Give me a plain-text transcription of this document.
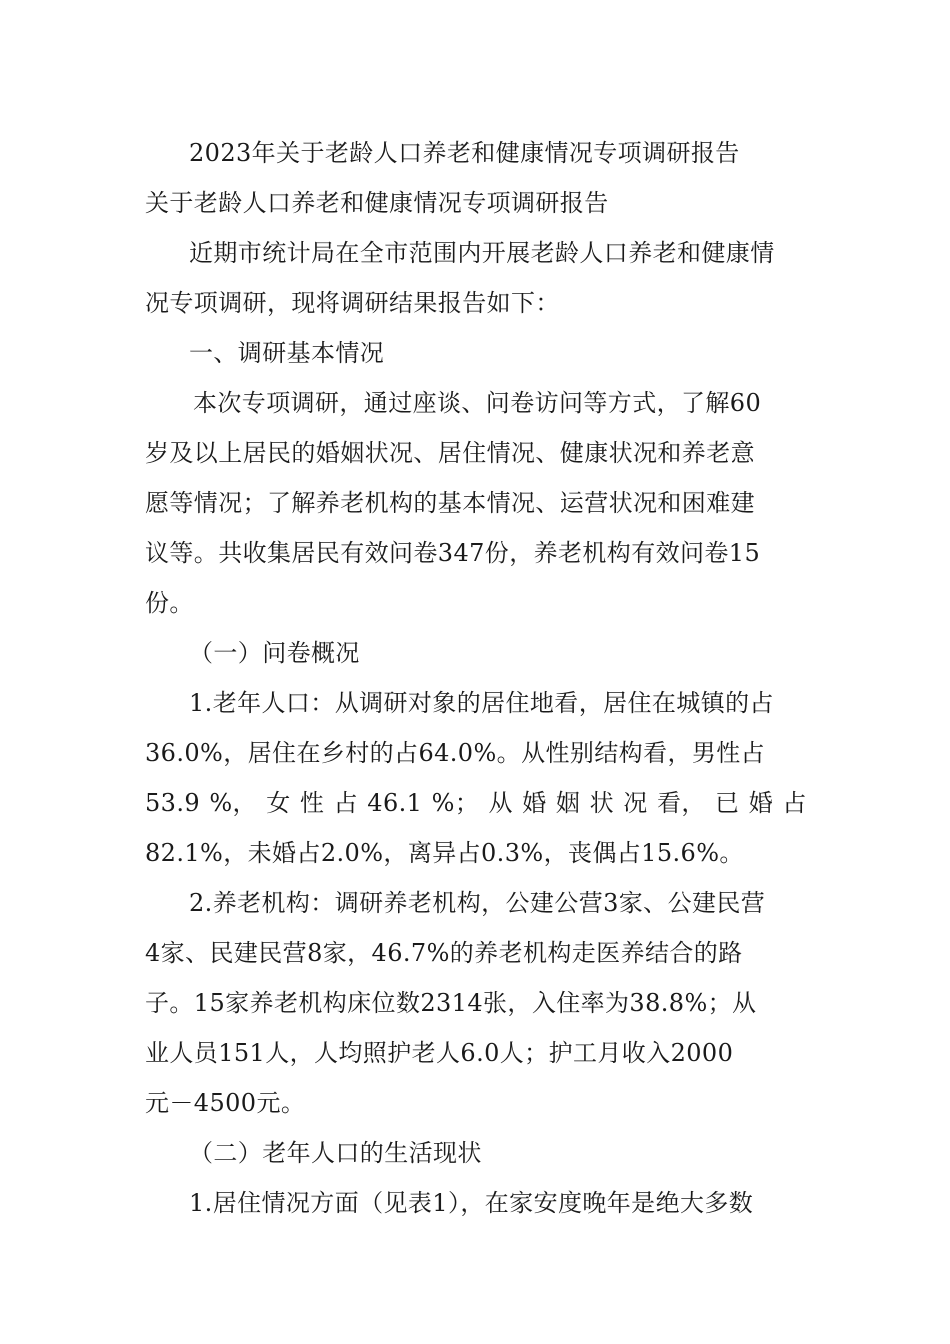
2023年关于老龄人口养老和健康情况专项调研报告

关于老龄人口养老和健康情况专项调研报告

近期市统计局在全市范围内开展老龄人口养老和健康情

况专项调研，现将调研结果报告如下：

一、调研基本情况

本次专项调研，通过座谈、问卷访问等方式，了解60

岁及以上居民的婚姻状况、居住情况、健康状况和养老意

愿等情况；了解养老机构的基本情况、运营状况和困难建

议等。共收集居民有效问卷347份，养老机构有效问卷15

份。

（一）问卷概况

1.老年人口：从调研对象的居住地看，居住在城镇的占

36.0%，居住在乡村的占64.0%。从性别结构看，男性占

53.9 %， 女 性 占 46.1 %； 从 婚 姻 状 况 看， 已 婚 占

82.1%，未婚占2.0%，离异占0.3%，丧偶占15.6%。

2.养老机构：调研养老机构，公建公营3家、公建民营

4家、民建民营8家，46.7%的养老机构走医养结合的路

子。15家养老机构床位数2314张，入住率为38.8%；从

业人员151人，人均照护老人6.0人；护工月收入2000

元－4500元。

（二）老年人口的生活现状

1.居住情况方面（见表1），在家安度晚年是绝大多数
